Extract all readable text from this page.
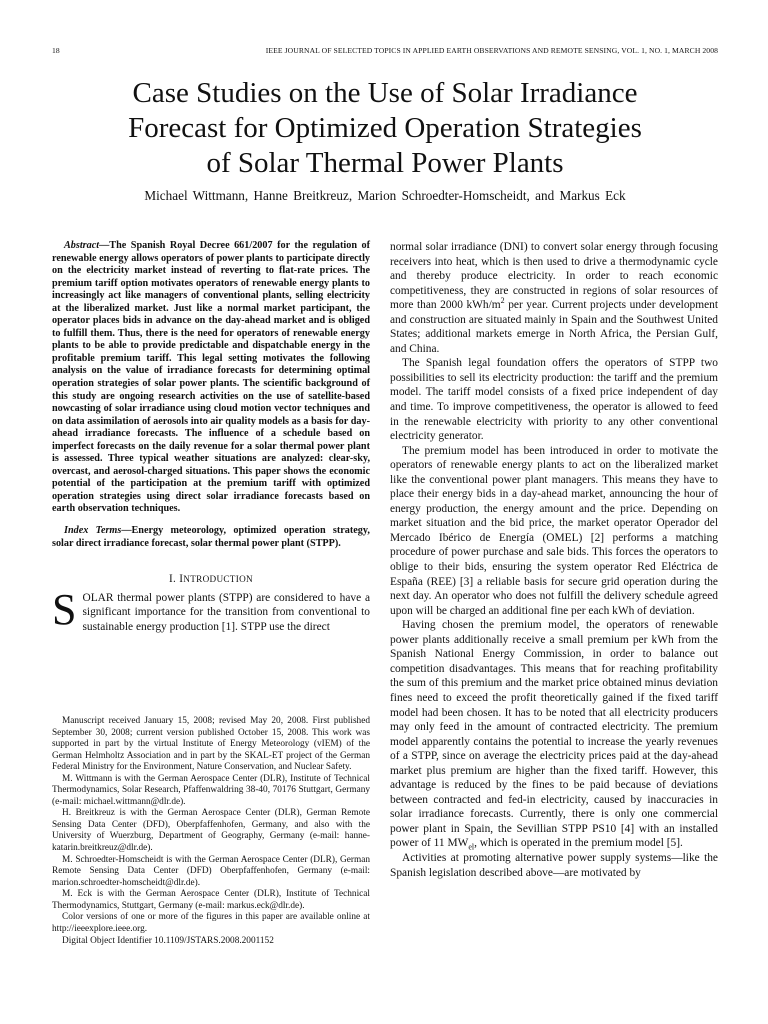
18	IEEE JOURNAL OF SELECTED TOPICS IN APPLIED EARTH OBSERVATIONS AND REMOTE SENSING, VOL. 1, NO. 1, MARCH 2008
Case Studies on the Use of Solar Irradiance
Forecast for Optimized Operation Strategies
of Solar Thermal Power Plants
Michael Wittmann, Hanne Breitkreuz, Marion Schroedter-Homscheidt, and Markus Eck

Abstract—The Spanish Royal Decree 661/2007 for the regulation of renewable energy allows operators of power plants to participate directly on the electricity market instead of reverting to flat-rate prices. The premium tariff option motivates operators of renewable energy plants to increasingly act like managers of conventional plants, selling electricity at the liberalized market. Just like a normal market participant, the operator places bids in advance on the day-ahead market and is obliged to fulfill them. Thus, there is the need for operators of renewable energy plants to be able to provide predictable and dispatchable energy in the profitable premium tariff. This legal setting motivates the following analysis on the value of irradiance forecasts for determining optimal operation strategies of solar power plants. The scientific background of this study are ongoing research activities on the use of satellite-based nowcasting of solar irradiance using cloud motion vector techniques and on data assimilation of aerosols into air quality models as a basis for day-ahead irradiance forecasts. The influence of a schedule based on imperfect forecasts on the daily revenue for a solar thermal power plant is assessed. Three typical weather situations are analyzed: clear-sky, overcast, and aerosol-charged situations. This paper shows the economic potential of the participation at the premium tariff with optimized operation strategies using direct solar irradiance forecasts based on earth observation techniques.

Index Terms—Energy meteorology, optimized operation strategy, solar direct irradiance forecast, solar thermal power plant (STPP).

I. INTRODUCTION

SOLAR thermal power plants (STPP) are considered to have a significant importance for the transition from conventional to sustainable energy production [1]. STPP use the direct

Manuscript received January 15, 2008; revised May 20, 2008. First published September 30, 2008; current version published October 15, 2008. This work was supported in part by the virtual Institute of Energy Meteorology (vIEM) of the German Helmholtz Association and in part by the SKAL-ET project of the German Federal Ministry for the Environment, Nature Conservation, and Nuclear Safety.

M. Wittmann is with the German Aerospace Center (DLR), Institute of Technical Thermodynamics, Solar Research, Pfaffenwaldring 38-40, 70176 Stuttgart, Germany (e-mail: michael.wittmann@dlr.de).

H. Breitkreuz is with the German Aerospace Center (DLR), German Remote Sensing Data Center (DFD), Oberpfaffenhofen, Germany, and also with the University of Wuerzburg, Department of Geography, Germany (e-mail: hanne-katarin.breitkreuz@dlr.de).

M. Schroedter-Homscheidt is with the German Aerospace Center (DLR), German Remote Sensing Data Center (DFD) Oberpfaffenhofen, Germany (e-mail: marion.schroedter-homscheidt@dlr.de).

M. Eck is with the German Aerospace Center (DLR), Institute of Technical Thermodynamics, Stuttgart, Germany (e-mail: markus.eck@dlr.de).

Color versions of one or more of the figures in this paper are available online at http://ieeexplore.ieee.org.

Digital Object Identifier 10.1109/JSTARS.2008.2001152

normal solar irradiance (DNI) to convert solar energy through focusing receivers into heat, which is then used to drive a thermodynamic cycle and thereby produce electricity. In order to reach economic competitiveness, they are constructed in regions of solar resources of more than 2000 kWh/$m^2$ per year. Current projects under development and construction are situated mainly in Spain and the Southwest United States; additional markets emerge in North Africa, the Persian Gulf, and China.

The Spanish legal foundation offers the operators of STPP two possibilities to sell its electricity production: the tariff and the premium model. The tariff model consists of a fixed price independent of day and time. To improve competitiveness, the operator is allowed to feed in the renewable electricity with priority to any other conventional electricity generator.

The premium model has been introduced in order to motivate the operators of renewable energy plants to act on the liberalized market like the conventional power plant managers. This means they have to place their energy bids in a day-ahead market, announcing the hour of energy production, the energy amount and the price. Depending on market situation and the bid price, the market operator Operador del Mercado Ibérico de Energía (OMEL) [2] performs a matching procedure of power purchase and sale bids. This forces the operators to oblige to their bids, ensuring the system operator Red Eléctrica de España (REE) [3] a reliable basis for secure grid operation during the next day. An operator who does not fulfill the delivery schedule agreed upon will be charged an additional fine per each kWh of deviation.

Having chosen the premium model, the operators of renewable power plants additionally receive a small premium per kWh from the Spanish National Energy Commission, in order to balance out competition disadvantages. This means that for reaching profitability the sum of this premium and the market price obtained minus deviation fines need to exceed the profit theoretically gained if the fixed tariff model had been chosen. It has to be noted that all electricity producers may only feed in the amount of contracted electricity. The premium model apparently contains the potential to increase the yearly revenues of a STPP, since on average the electricity prices paid at the day-ahead market plus premium are higher than the fixed tariff. However, this advantage is reduced by the fines to be paid because of deviations between contracted and fed-in electricity, caused by inaccuracies in solar irradiance forecasts. Currently, there is only one commercial power plant in Spain, the Sevillian STPP PS10 [4] with an installed power of 11 $MW_{el}$, which is operated in the premium model [5].

Activities at promoting alternative power supply systems—like the Spanish legislation described above—are motivated by
